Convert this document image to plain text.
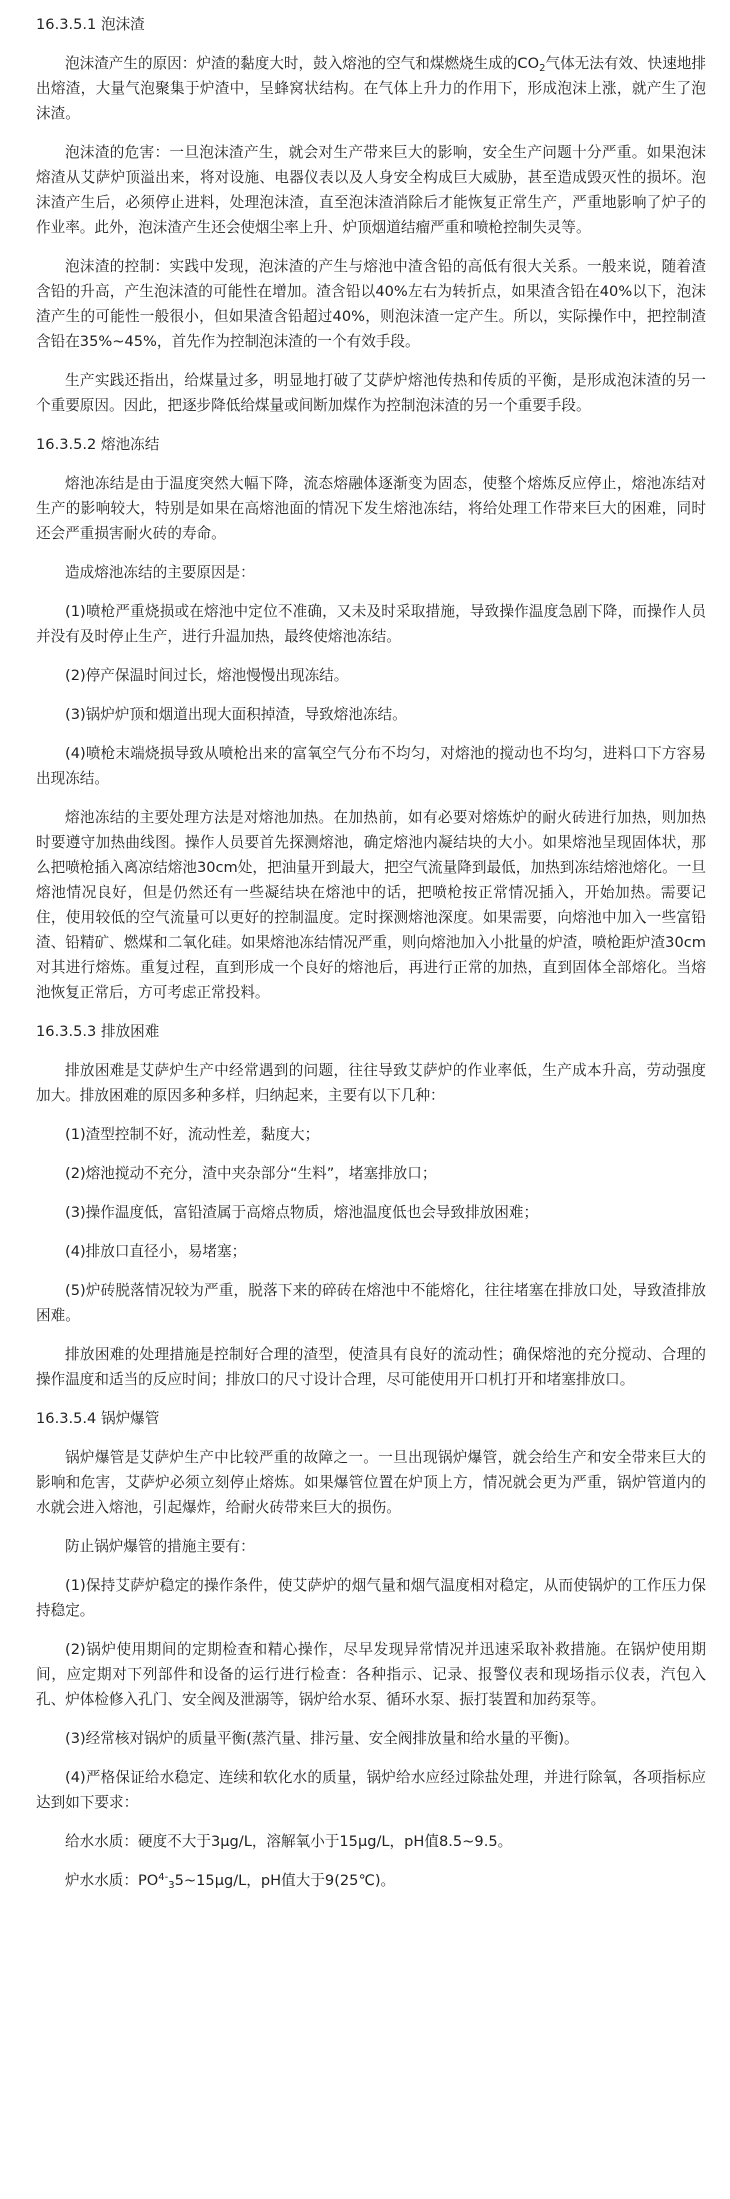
16.3.5.1 泡沫渣

泡沫渣产生的原因：炉渣的黏度大时，鼓入熔池的空气和煤燃烧生成的$CO_2$气体无法有效、快速地排出熔渣，大量气泡聚集于炉渣中，呈蜂窝状结构。在气体上升力的作用下，形成泡沫上涨，就产生了泡沫渣。

泡沫渣的危害：一旦泡沫渣产生，就会对生产带来巨大的影响，安全生产问题十分严重。如果泡沫熔渣从艾萨炉顶溢出来，将对设施、电器仪表以及人身安全构成巨大威胁，甚至造成毁灭性的损坏。泡沫渣产生后，必须停止进料，处理泡沫渣，直至泡沫渣消除后才能恢复正常生产，严重地影响了炉子的作业率。此外，泡沫渣产生还会使烟尘率上升、炉顶烟道结瘤严重和喷枪控制失灵等。

泡沫渣的控制：实践中发现，泡沫渣的产生与熔池中渣含铅的高低有很大关系。一般来说，随着渣含铅的升高，产生泡沫渣的可能性在增加。渣含铅以40%左右为转折点，如果渣含铅在40%以下，泡沫渣产生的可能性一般很小，但如果渣含铅超过40%，则泡沫渣一定产生。所以，实际操作中，把控制渣含铅在35%~45%，首先作为控制泡沫渣的一个有效手段。

生产实践还指出，给煤量过多，明显地打破了艾萨炉熔池传热和传质的平衡，是形成泡沫渣的另一个重要原因。因此，把逐步降低给煤量或间断加煤作为控制泡沫渣的另一个重要手段。

16.3.5.2 熔池冻结

熔池冻结是由于温度突然大幅下降，流态熔融体逐渐变为固态，使整个熔炼反应停止，熔池冻结对生产的影响较大，特别是如果在高熔池面的情况下发生熔池冻结，将给处理工作带来巨大的困难，同时还会严重损害耐火砖的寿命。

造成熔池冻结的主要原因是：

(1)喷枪严重烧损或在熔池中定位不准确，又未及时采取措施，导致操作温度急剧下降，而操作人员并没有及时停止生产，进行升温加热，最终使熔池冻结。

(2)停产保温时间过长，熔池慢慢出现冻结。

(3)锅炉炉顶和烟道出现大面积掉渣，导致熔池冻结。

(4)喷枪末端烧损导致从喷枪出来的富氧空气分布不均匀，对熔池的搅动也不均匀，进料口下方容易出现冻结。

熔池冻结的主要处理方法是对熔池加热。在加热前，如有必要对熔炼炉的耐火砖进行加热，则加热时要遵守加热曲线图。操作人员要首先探测熔池，确定熔池内凝结块的大小。如果熔池呈现固体状，那么把喷枪插入离凉结熔池30cm处，把油量开到最大，把空气流量降到最低，加热到冻结熔池熔化。一旦熔池情况良好，但是仍然还有一些凝结块在熔池中的话，把喷枪按正常情况插入，开始加热。需要记住，使用较低的空气流量可以更好的控制温度。定时探测熔池深度。如果需要，向熔池中加入一些富铅渣、铅精矿、燃煤和二氧化硅。如果熔池冻结情况严重，则向熔池加入小批量的炉渣，喷枪距炉渣30cm对其进行熔炼。重复过程，直到形成一个良好的熔池后，再进行正常的加热，直到固体全部熔化。当熔池恢复正常后，方可考虑正常投料。

16.3.5.3 排放困难

排放困难是艾萨炉生产中经常遇到的问题，往往导致艾萨炉的作业率低，生产成本升高，劳动强度加大。排放困难的原因多种多样，归纳起来，主要有以下几种：

(1)渣型控制不好，流动性差，黏度大；

(2)熔池搅动不充分，渣中夹杂部分“生料”，堵塞排放口；

(3)操作温度低，富铅渣属于高熔点物质，熔池温度低也会导致排放困难；

(4)排放口直径小，易堵塞；

(5)炉砖脱落情况较为严重，脱落下来的碎砖在熔池中不能熔化，往往堵塞在排放口处，导致渣排放困难。

排放困难的处理措施是控制好合理的渣型，使渣具有良好的流动性；确保熔池的充分搅动、合理的操作温度和适当的反应时间；排放口的尺寸设计合理，尽可能使用开口机打开和堵塞排放口。

16.3.5.4 锅炉爆管

锅炉爆管是艾萨炉生产中比较严重的故障之一。一旦出现锅炉爆管，就会给生产和安全带来巨大的影响和危害，艾萨炉必须立刻停止熔炼。如果爆管位置在炉顶上方，情况就会更为严重，锅炉管道内的水就会进入熔池，引起爆炸，给耐火砖带来巨大的损伤。

防止锅炉爆管的措施主要有：

(1)保持艾萨炉稳定的操作条件，使艾萨炉的烟气量和烟气温度相对稳定，从而使锅炉的工作压力保持稳定。

(2)锅炉使用期间的定期检查和精心操作，尽早发现异常情况并迅速采取补救措施。在锅炉使用期间，应定期对下列部件和设备的运行进行检查：各种指示、记录、报警仪表和现场指示仪表，汽包入孔、炉体检修入孔门、安全阀及泄溺等，锅炉给水泵、循环水泵、振打装置和加药泵等。

(3)经常核对锅炉的质量平衡(蒸汽量、排污量、安全阀排放量和给水量的平衡)。

(4)严格保证给水稳定、连续和软化水的质量，锅炉给水应经过除盐处理，并进行除氧，各项指标应达到如下要求：

给水水质：硬度不大于3μg/L，溶解氧小于15μg/L，pH值8.5~9.5。

炉水水质：$PO^{4-}_35\sim 15\mu g/L$，pH值大于9(25℃)。
